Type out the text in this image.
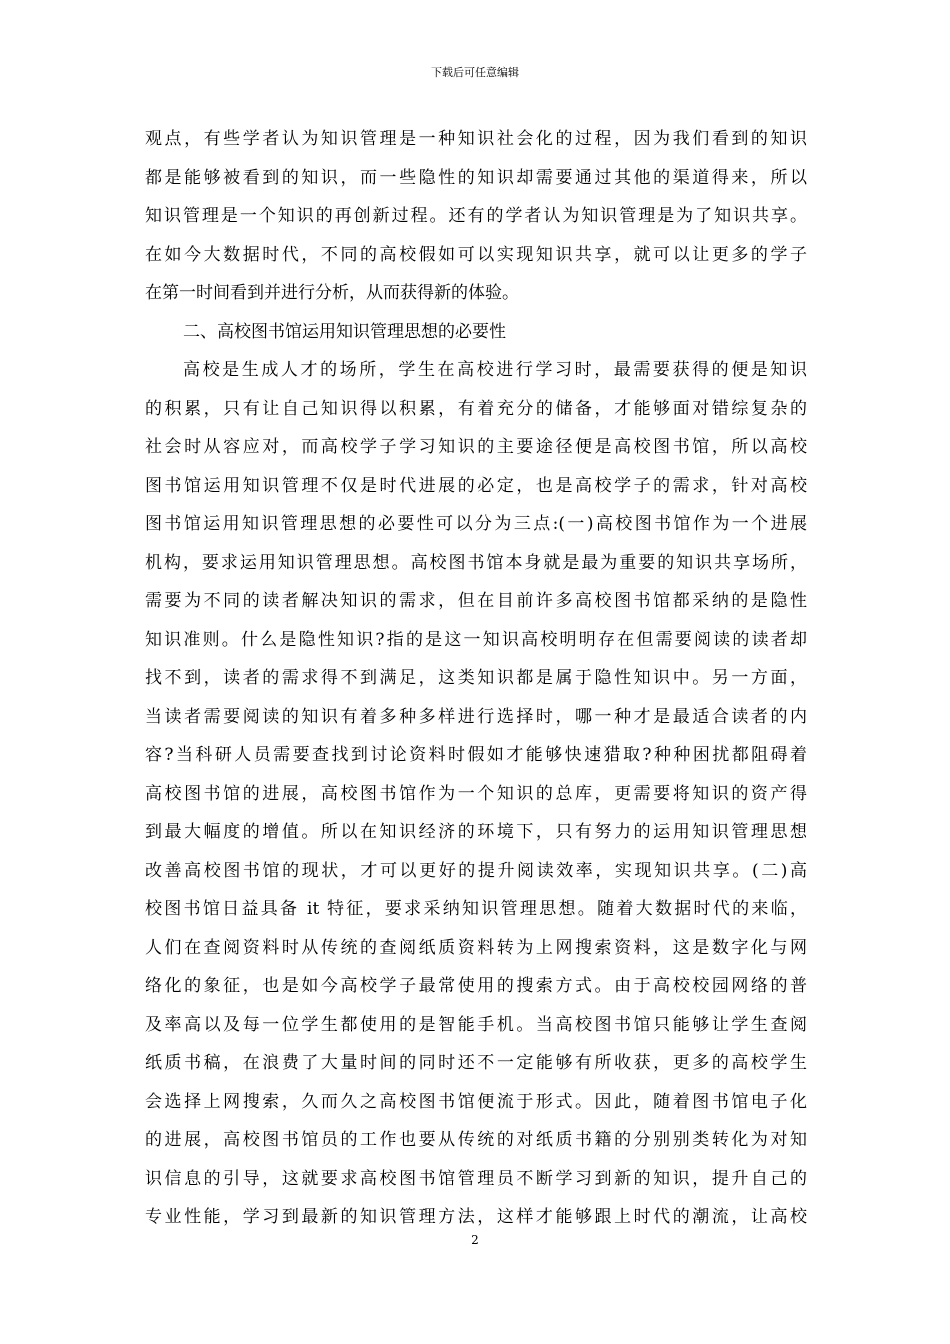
下载后可任意编辑
观点，有些学者认为知识管理是一种知识社会化的过程，因为我们看到的知识
都是能够被看到的知识，而一些隐性的知识却需要通过其他的渠道得来，所以
知识管理是一个知识的再创新过程。还有的学者认为知识管理是为了知识共享。
在如今大数据时代，不同的高校假如可以实现知识共享，就可以让更多的学子
在第一时间看到并进行分析，从而获得新的体验。
二、高校图书馆运用知识管理思想的必要性
高校是生成人才的场所，学生在高校进行学习时，最需要获得的便是知识
的积累，只有让自己知识得以积累，有着充分的储备，才能够面对错综复杂的
社会时从容应对，而高校学子学习知识的主要途径便是高校图书馆，所以高校
图书馆运用知识管理不仅是时代进展的必定，也是高校学子的需求，针对高校
图书馆运用知识管理思想的必要性可以分为三点:(一)高校图书馆作为一个进展
机构，要求运用知识管理思想。高校图书馆本身就是最为重要的知识共享场所，
需要为不同的读者解决知识的需求，但在目前许多高校图书馆都采纳的是隐性
知识准则。什么是隐性知识?指的是这一知识高校明明存在但需要阅读的读者却
找不到，读者的需求得不到满足，这类知识都是属于隐性知识中。另一方面，
当读者需要阅读的知识有着多种多样进行选择时，哪一种才是最适合读者的内
容?当科研人员需要查找到讨论资料时假如才能够快速猎取?种种困扰都阻碍着
高校图书馆的进展，高校图书馆作为一个知识的总库，更需要将知识的资产得
到最大幅度的增值。所以在知识经济的环境下，只有努力的运用知识管理思想
改善高校图书馆的现状，才可以更好的提升阅读效率，实现知识共享。(二)高
校图书馆日益具备 it 特征，要求采纳知识管理思想。随着大数据时代的来临，
人们在查阅资料时从传统的查阅纸质资料转为上网搜索资料，这是数字化与网
络化的象征，也是如今高校学子最常使用的搜索方式。由于高校校园网络的普
及率高以及每一位学生都使用的是智能手机。当高校图书馆只能够让学生查阅
纸质书稿，在浪费了大量时间的同时还不一定能够有所收获，更多的高校学生
会选择上网搜索，久而久之高校图书馆便流于形式。因此，随着图书馆电子化
的进展，高校图书馆员的工作也要从传统的对纸质书籍的分别别类转化为对知
识信息的引导，这就要求高校图书馆管理员不断学习到新的知识，提升自己的
专业性能，学习到最新的知识管理方法，这样才能够跟上时代的潮流，让高校
2
